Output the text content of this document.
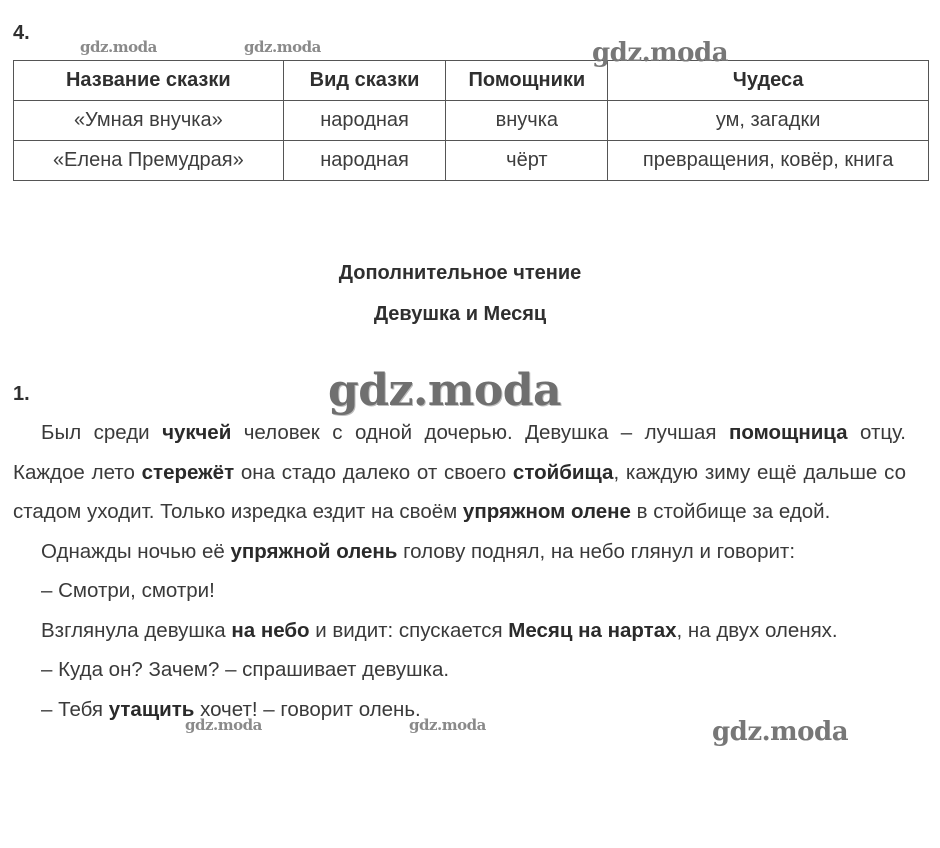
4.
Название сказки	Вид сказки	Помощники	Чудеса
«Умная внучка»	народная	внучка	ум, загадки
«Елена Премудрая»	народная	чёрт	превращения, ковёр, книга
Дополнительное чтение
Девушка и Месяц
1.

Был среди чукчей человек с одной дочерью. Девушка – лучшая помощница отцу. Каждое лето стережёт она стадо далеко от своего стойбища, каждую зиму ещё дальше со стадом уходит. Только изредка ездит на своём упряжном олене в стойбище за едой.

Однажды ночью её упряжной олень голову поднял, на небо глянул и говорит:

– Смотри, смотри!

Взглянула девушка на небо и видит: спускается Месяц на нартах, на двух оленях.

– Куда он? Зачем? – спрашивает девушка.

– Тебя утащить хочет! – говорит олень.

gdz.moda	gdz.moda	gdz.moda
gdz.moda
gdz.moda	gdz.moda	gdz.moda
